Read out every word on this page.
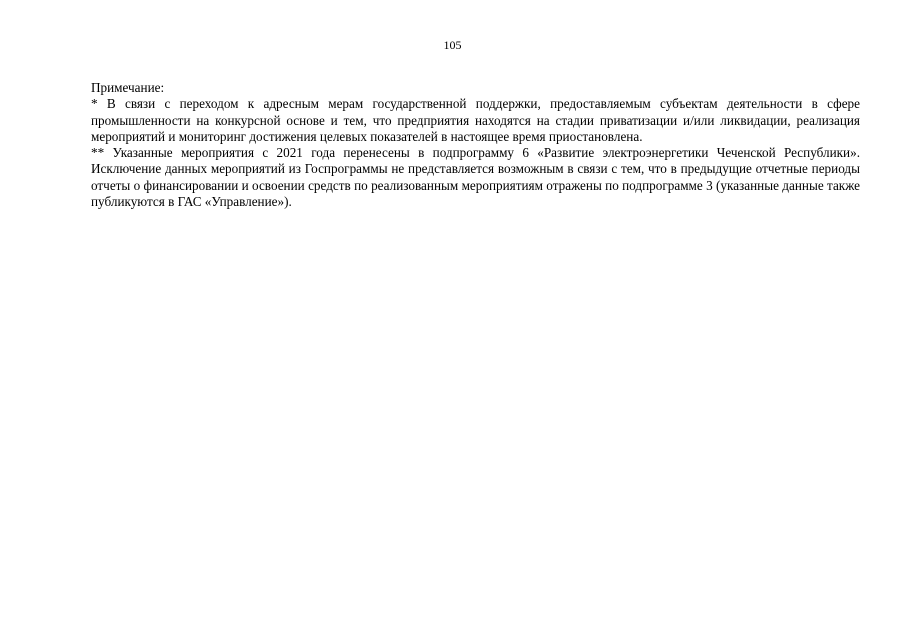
105

Примечание:

* В связи с переходом к адресным мерам государственной поддержки, предоставляемым субъектам деятельности в сфере промышленности на конкурсной основе и тем, что предприятия находятся на стадии приватизации и/или ликвидации, реализация мероприятий и мониторинг достижения целевых показателей в настоящее время приостановлена.

** Указанные мероприятия с 2021 года перенесены в подпрограмму 6 «Развитие электроэнергетики Чеченской Республики». Исключение данных мероприятий из Госпрограммы не представляется возможным в связи с тем, что в предыдущие отчетные периоды отчеты о финансировании и освоении средств по реализованным мероприятиям отражены по подпрограмме 3 (указанные данные также публикуются в ГАС «Управление»).
